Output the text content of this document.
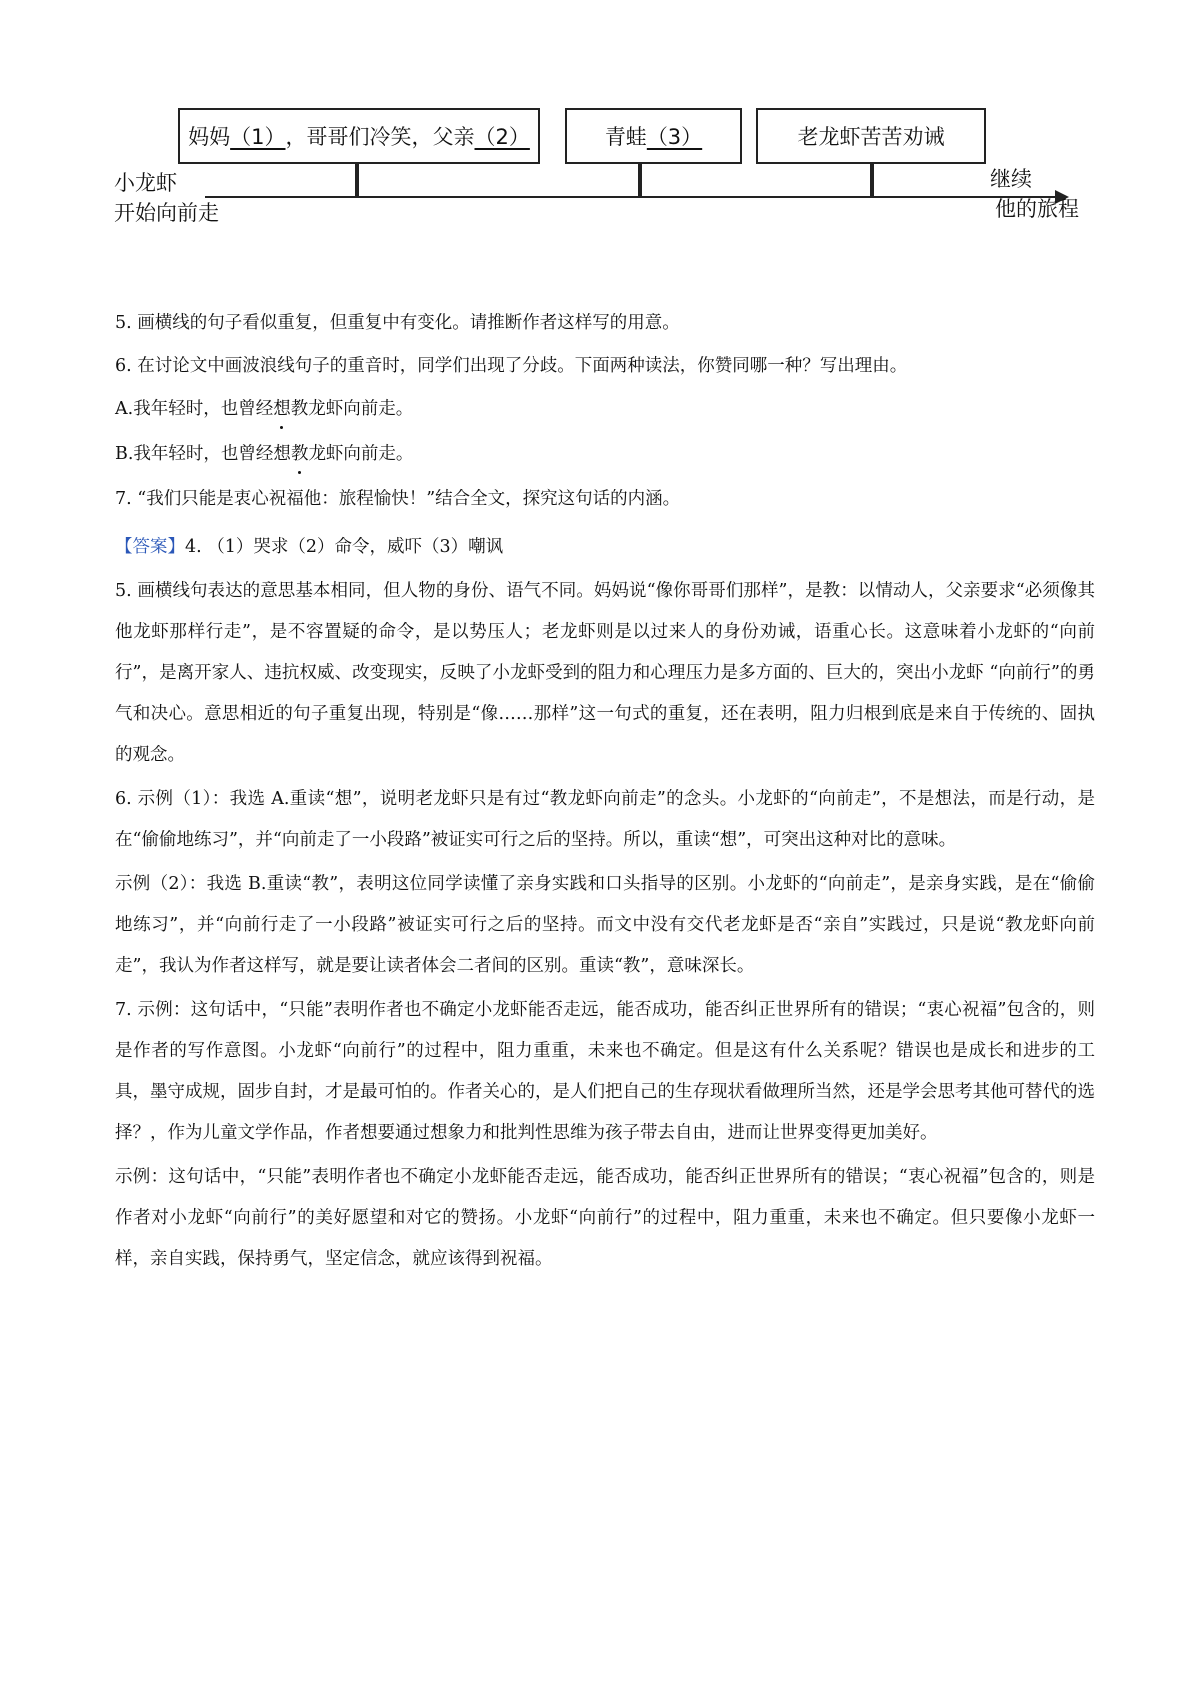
妈妈 （1） ，哥哥们冷笑，父亲 （2）	青蛙 （3）	老龙虾苦苦劝诫
小龙虾
开始向前走
继续
他的旅程

5. 画横线的句子看似重复，但重复中有变化。请推断作者这样写的用意。

6. 在讨论文中画波浪线句子的重音时，同学们出现了分歧。下面两种读法，你赞同哪一种？写出理由。

A.我年轻时，也曾经想教龙虾向前走。

B.我年轻时，也曾经想教龙虾向前走。

7. “我们只能是衷心祝福他：旅程愉快！”结合全文，探究这句话的内涵。

【答案】4. （1）哭求（2）命令，威吓（3）嘲讽

5. 画横线句表达的意思基本相同，但人物的身份、语气不同。妈妈说“像你哥哥们那样”，是教：以情动人，父亲要求“必须像其他龙虾那样行走”，是不容置疑的命令，是以势压人；老龙虾则是以过来人的身份劝诫，语重心长。这意味着小龙虾的“向前行”，是离开家人、违抗权威、改变现实，反映了小龙虾受到的阻力和心理压力是多方面的、巨大的，突出小龙虾 “向前行”的勇气和决心。意思相近的句子重复出现，特别是“像……那样”这一句式的重复，还在表明，阻力归根到底是来自于传统的、固执的观念。

6. 示例（1）：我选 A.重读“想”，说明老龙虾只是有过“教龙虾向前走”的念头。小龙虾的“向前走”，不是想法，而是行动，是在“偷偷地练习”，并“向前走了一小段路”被证实可行之后的坚持。所以，重读“想”，可突出这种对比的意味。

示例（2）：我选 B.重读“教”，表明这位同学读懂了亲身实践和口头指导的区别。小龙虾的“向前走”，是亲身实践，是在“偷偷地练习”，并“向前行走了一小段路”被证实可行之后的坚持。而文中没有交代老龙虾是否“亲自”实践过，只是说“教龙虾向前走”，我认为作者这样写，就是要让读者体会二者间的区别。重读“教”，意味深长。

7. 示例：这句话中，“只能”表明作者也不确定小龙虾能否走远，能否成功，能否纠正世界所有的错误；“衷心祝福”包含的，则是作者的写作意图。小龙虾“向前行”的过程中，阻力重重，未来也不确定。但是这有什么关系呢？错误也是成长和进步的工具，墨守成规，固步自封，才是最可怕的。作者关心的，是人们把自己的生存现状看做理所当然，还是学会思考其他可替代的选择？，作为儿童文学作品，作者想要通过想象力和批判性思维为孩子带去自由，进而让世界变得更加美好。

示例：这句话中，“只能”表明作者也不确定小龙虾能否走远，能否成功，能否纠正世界所有的错误；“衷心祝福”包含的，则是作者对小龙虾“向前行”的美好愿望和对它的赞扬。小龙虾“向前行”的过程中，阻力重重，未来也不确定。但只要像小龙虾一样，亲自实践，保持勇气，坚定信念，就应该得到祝福。
